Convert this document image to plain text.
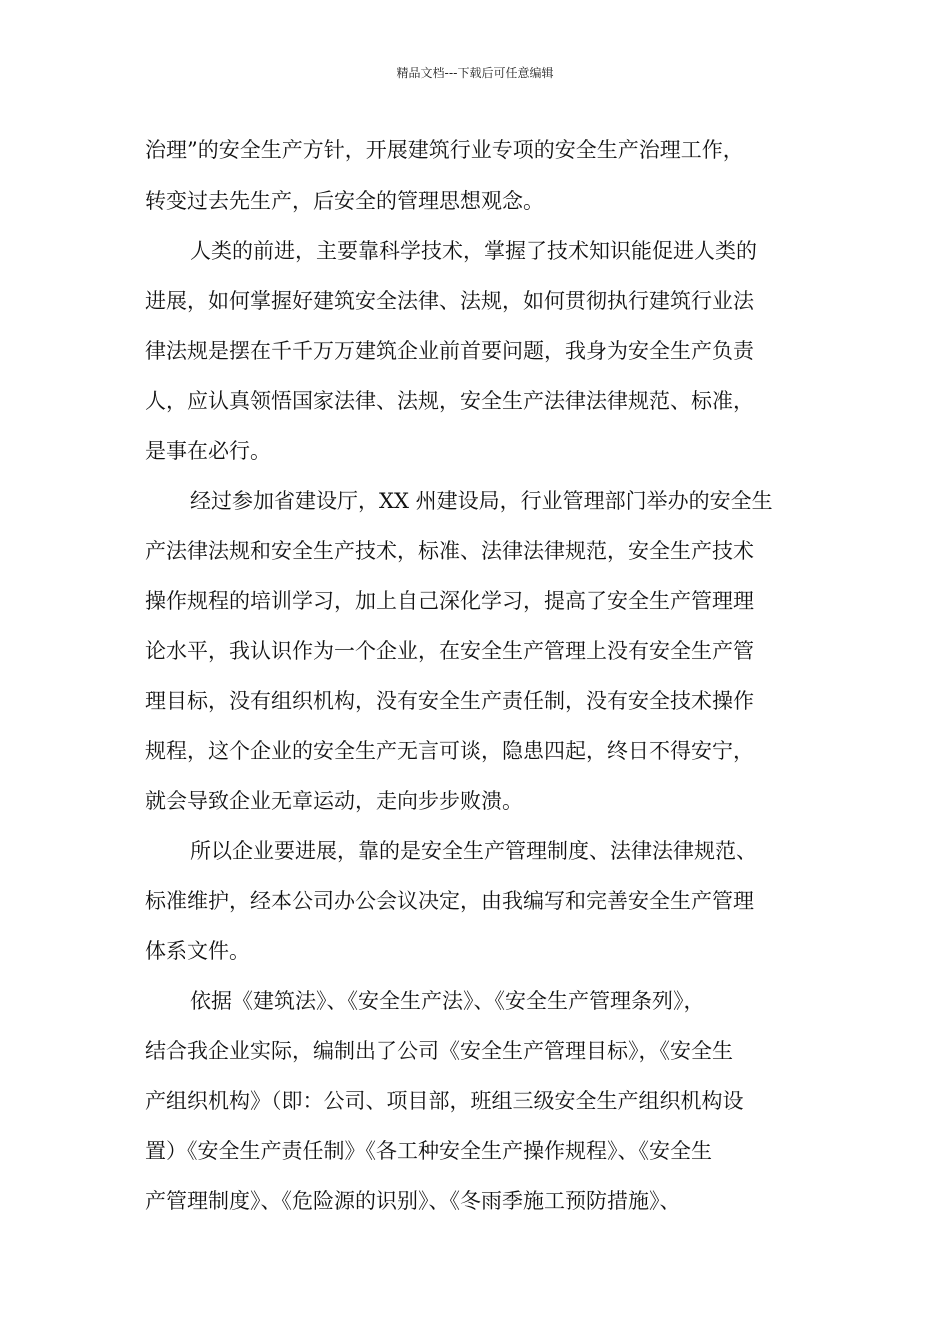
精品文档---下载后可任意编辑
治理”的安全生产方针，开展建筑行业专项的安全生产治理工作，
转变过去先生产，后安全的管理思想观念。
人类的前进，主要靠科学技术，掌握了技术知识能促进人类的
进展，如何掌握好建筑安全法律、法规，如何贯彻执行建筑行业法
律法规是摆在千千万万建筑企业前首要问题，我身为安全生产负责
人，应认真领悟国家法律、法规，安全生产法律法律规范、标准，
是事在必行。
经过参加省建设厅，XX 州建设局，行业管理部门举办的安全生
产法律法规和安全生产技术，标准、法律法律规范，安全生产技术
操作规程的培训学习，加上自己深化学习，提高了安全生产管理理
论水平，我认识作为一个企业，在安全生产管理上没有安全生产管
理目标，没有组织机构，没有安全生产责任制，没有安全技术操作
规程，这个企业的安全生产无言可谈，隐患四起，终日不得安宁，
就会导致企业无章运动，走向步步败溃。
所以企业要进展，靠的是安全生产管理制度、法律法律规范、
标准维护，经本公司办公会议决定，由我编写和完善安全生产管理
体系文件。
依据《建筑法》、《安全生产法》、《安全生产管理条列》，
结合我企业实际，编制出了公司《安全生产管理目标》，《安全生
产组织机构》（即：公司、项目部，班组三级安全生产组织机构设
置）《安全生产责任制》《各工种安全生产操作规程》、《安全生
产管理制度》、《危险源的识别》、《冬雨季施工预防措施》、
